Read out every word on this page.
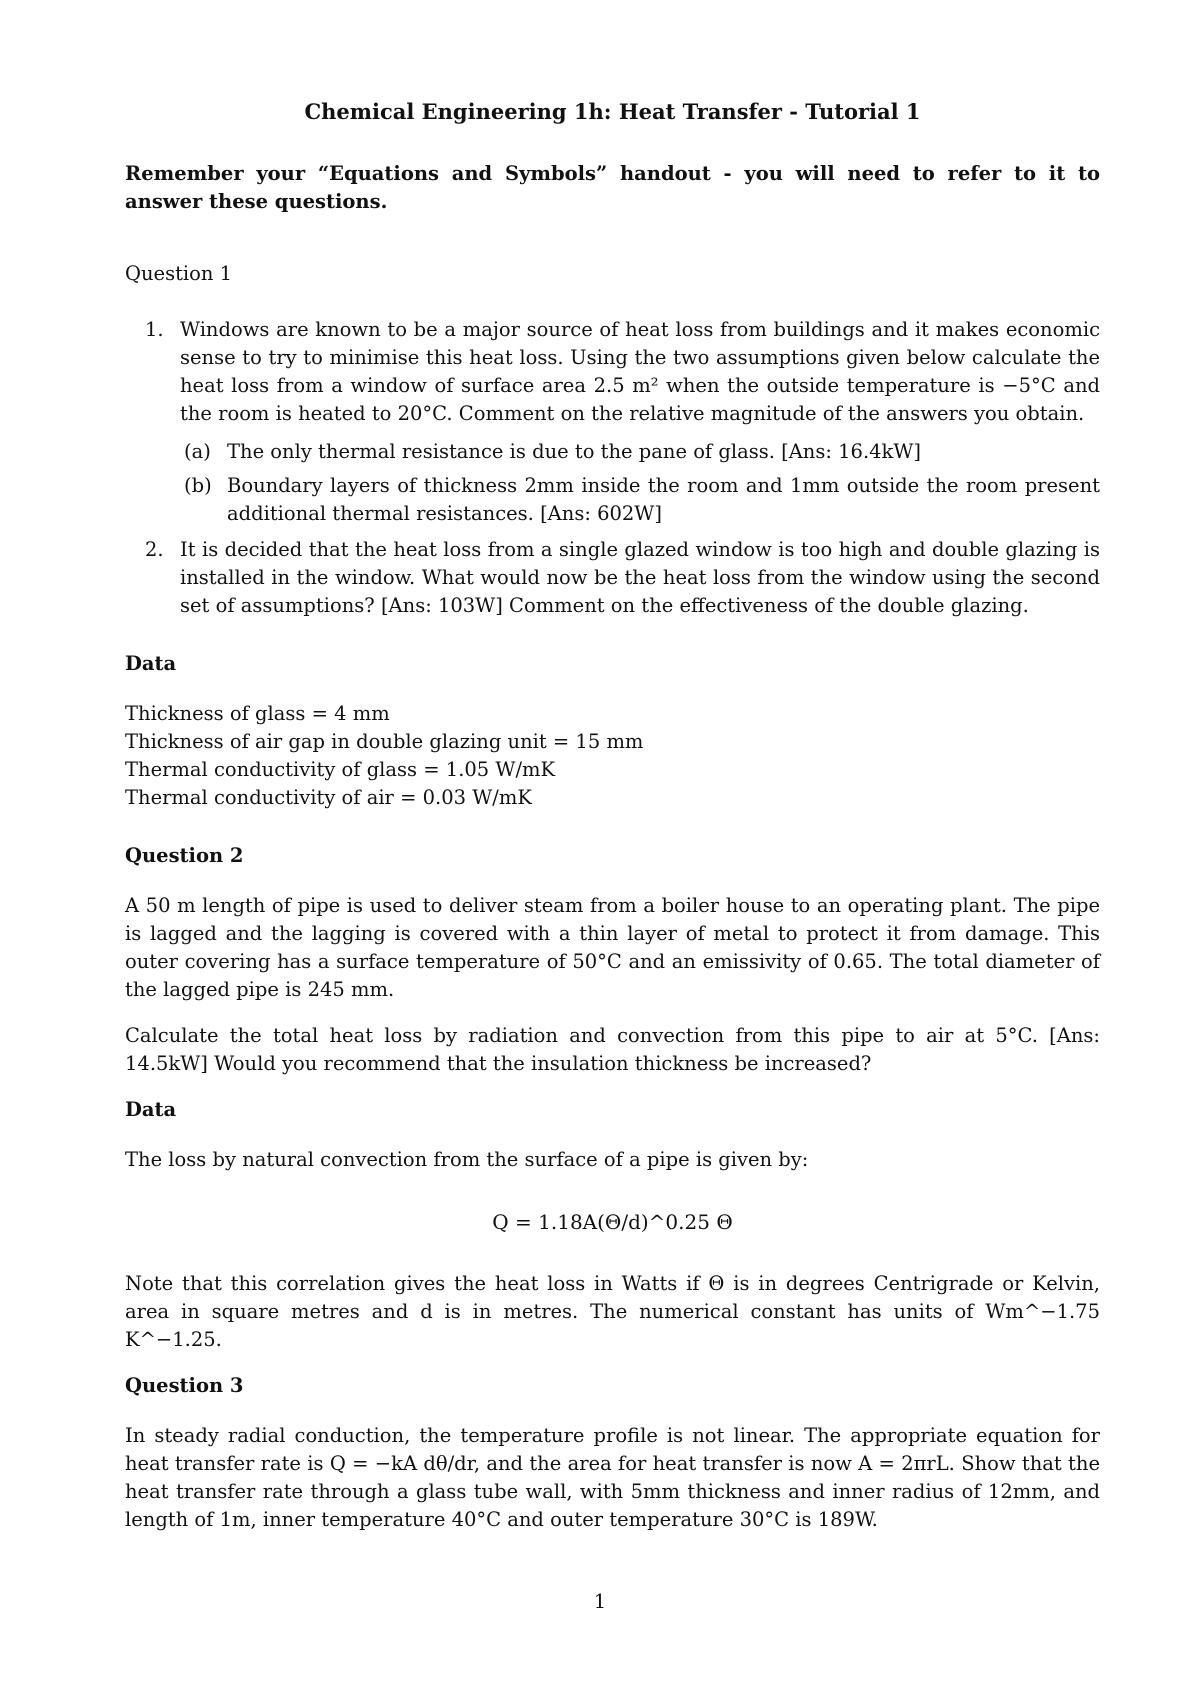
Chemical Engineering 1h: Heat Transfer - Tutorial 1
Remember your “Equations and Symbols” handout - you will need to refer to it to answer these questions.
Question 1
1. Windows are known to be a major source of heat loss from buildings and it makes economic sense to try to minimise this heat loss. Using the two assumptions given below calculate the heat loss from a window of surface area 2.5 m² when the outside temperature is −5°C and the room is heated to 20°C. Comment on the relative magnitude of the answers you obtain.
(a) The only thermal resistance is due to the pane of glass. [Ans: 16.4kW]
(b) Boundary layers of thickness 2mm inside the room and 1mm outside the room present additional thermal resistances. [Ans: 602W]
2. It is decided that the heat loss from a single glazed window is too high and double glazing is installed in the window. What would now be the heat loss from the window using the second set of assumptions? [Ans: 103W] Comment on the effectiveness of the double glazing.
Data
Thickness of glass = 4 mm
Thickness of air gap in double glazing unit = 15 mm
Thermal conductivity of glass = 1.05 W/mK
Thermal conductivity of air = 0.03 W/mK
Question 2
A 50 m length of pipe is used to deliver steam from a boiler house to an operating plant. The pipe is lagged and the lagging is covered with a thin layer of metal to protect it from damage. This outer covering has a surface temperature of 50°C and an emissivity of 0.65. The total diameter of the lagged pipe is 245 mm.
Calculate the total heat loss by radiation and convection from this pipe to air at 5°C. [Ans: 14.5kW] Would you recommend that the insulation thickness be increased?
Data
The loss by natural convection from the surface of a pipe is given by:
Q = 1.18A(Θ/d)^0.25 Θ
Note that this correlation gives the heat loss in Watts if Θ is in degrees Centrigrade or Kelvin, area in square metres and d is in metres. The numerical constant has units of Wm^−1.75 K^−1.25.
Question 3
In steady radial conduction, the temperature profile is not linear. The appropriate equation for heat transfer rate is Q = −kA dθ/dr, and the area for heat transfer is now A = 2πrL. Show that the heat transfer rate through a glass tube wall, with 5mm thickness and inner radius of 12mm, and length of 1m, inner temperature 40°C and outer temperature 30°C is 189W.
1
